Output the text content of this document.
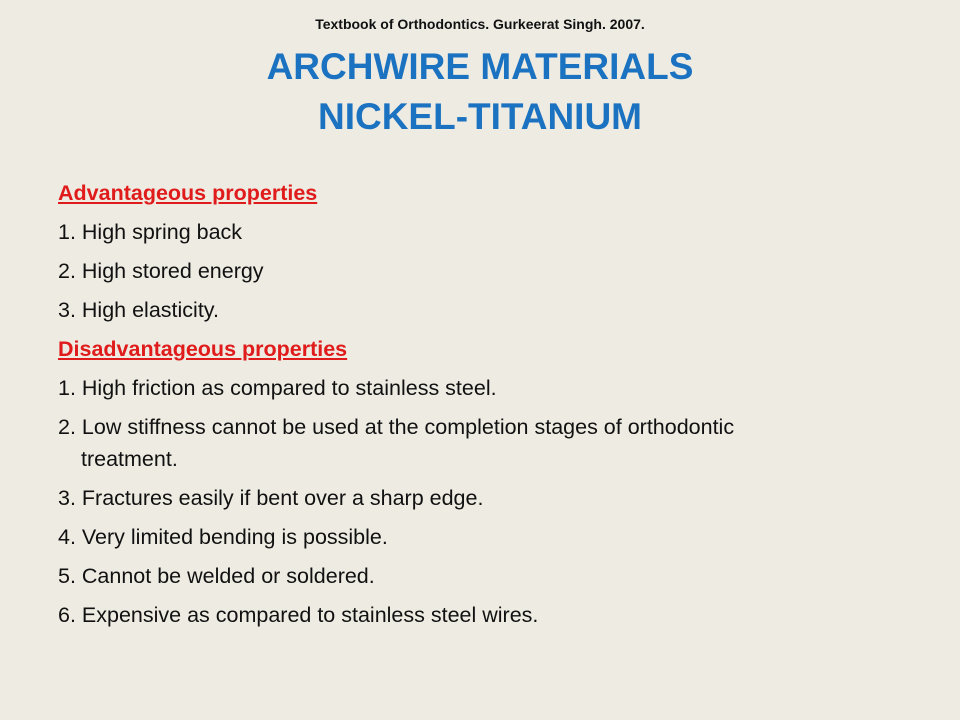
Textbook of Orthodontics. Gurkeerat Singh. 2007.
ARCHWIRE MATERIALS
NICKEL-TITANIUM
Advantageous properties
1. High spring back
2. High stored energy
3. High elasticity.
Disadvantageous properties
1. High friction as compared to stainless steel.
2. Low stiffness cannot be used at the completion stages of orthodontic
treatment.
3. Fractures easily if bent over a sharp edge.
4. Very limited bending is possible.
5. Cannot be welded or soldered.
6. Expensive as compared to stainless steel wires.
